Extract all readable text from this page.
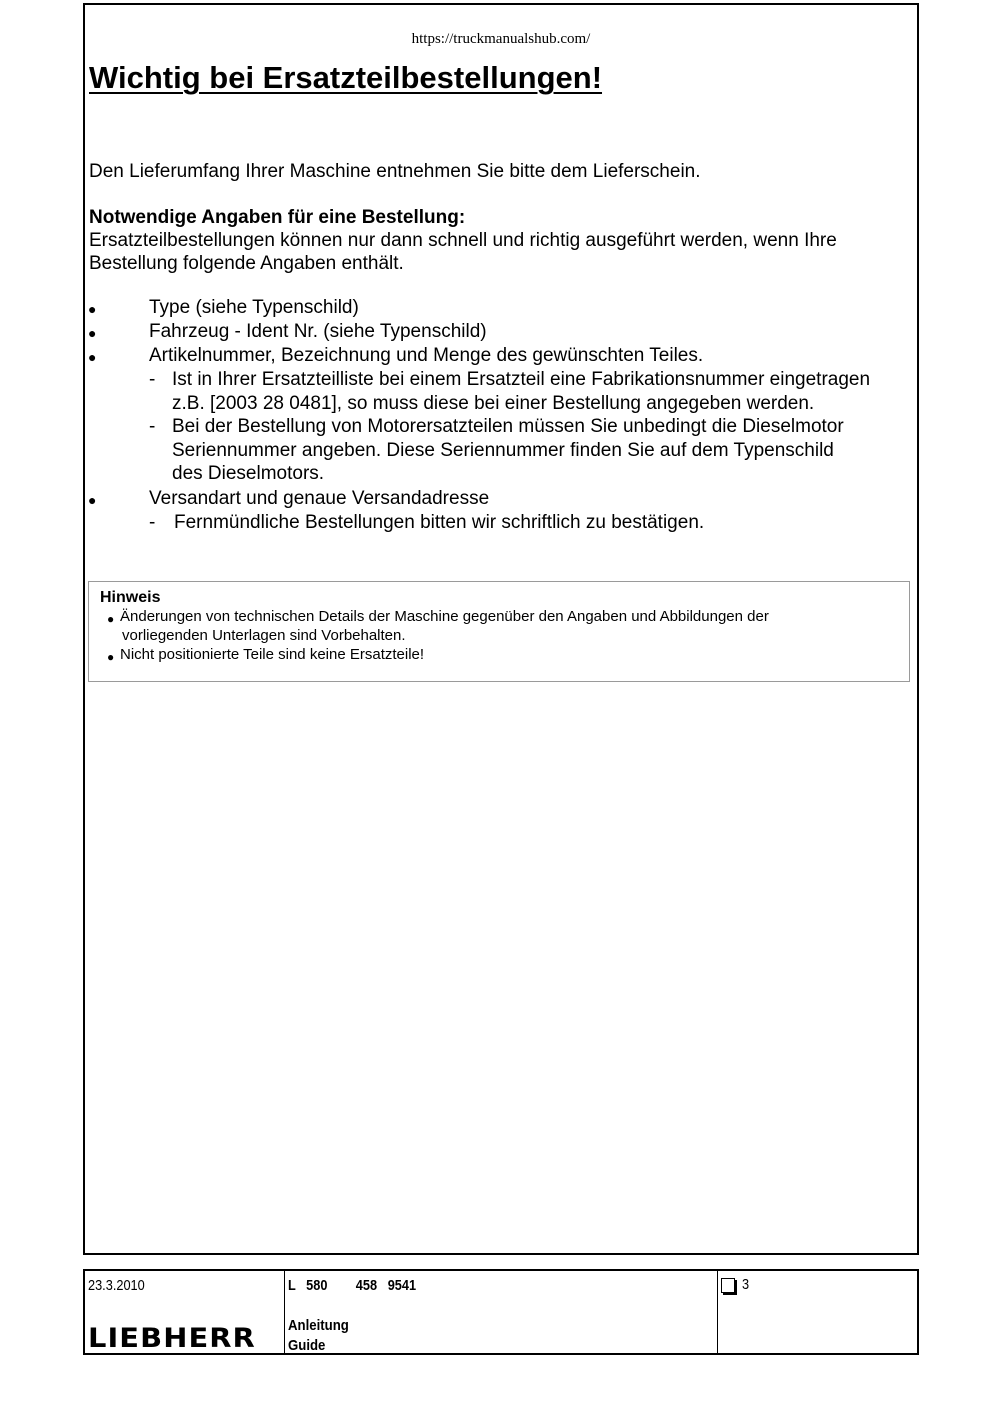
https://truckmanualshub.com/
Wichtig bei Ersatzteilbestellungen!
Den Lieferumfang Ihrer Maschine entnehmen Sie bitte dem Lieferschein.
Notwendige Angaben für eine Bestellung:
Ersatzteilbestellungen können nur dann schnell und richtig ausgeführt werden, wenn Ihre
Bestellung folgende Angaben enthält.
●	Type (siehe Typenschild)
●	Fahrzeug - Ident Nr. (siehe Typenschild)
●	Artikelnummer, Bezeichnung und Menge des gewünschten Teiles.
- Ist in Ihrer Ersatzteilliste bei einem Ersatzteil eine Fabrikationsnummer eingetragen
z.B. [2003 28 0481], so muss diese bei einer Bestellung angegeben werden.
- Bei der Bestellung von Motorersatzteilen müssen Sie unbedingt die Dieselmotor
Seriennummer angeben. Diese Seriennummer finden Sie auf dem Typenschild
des Dieselmotors.
●	Versandart und genaue Versandadresse
- Fernmündliche Bestellungen bitten wir schriftlich zu bestätigen.
Hinweis
● Änderungen von technischen Details der Maschine gegenüber den Angaben und Abbildungen der
vorliegenden Unterlagen sind Vorbehalten.
● Nicht positionierte Teile sind keine Ersatzteile!
23.3.2010
LIEBHERR
L   580        458   9541
Anleitung
Guide
3
